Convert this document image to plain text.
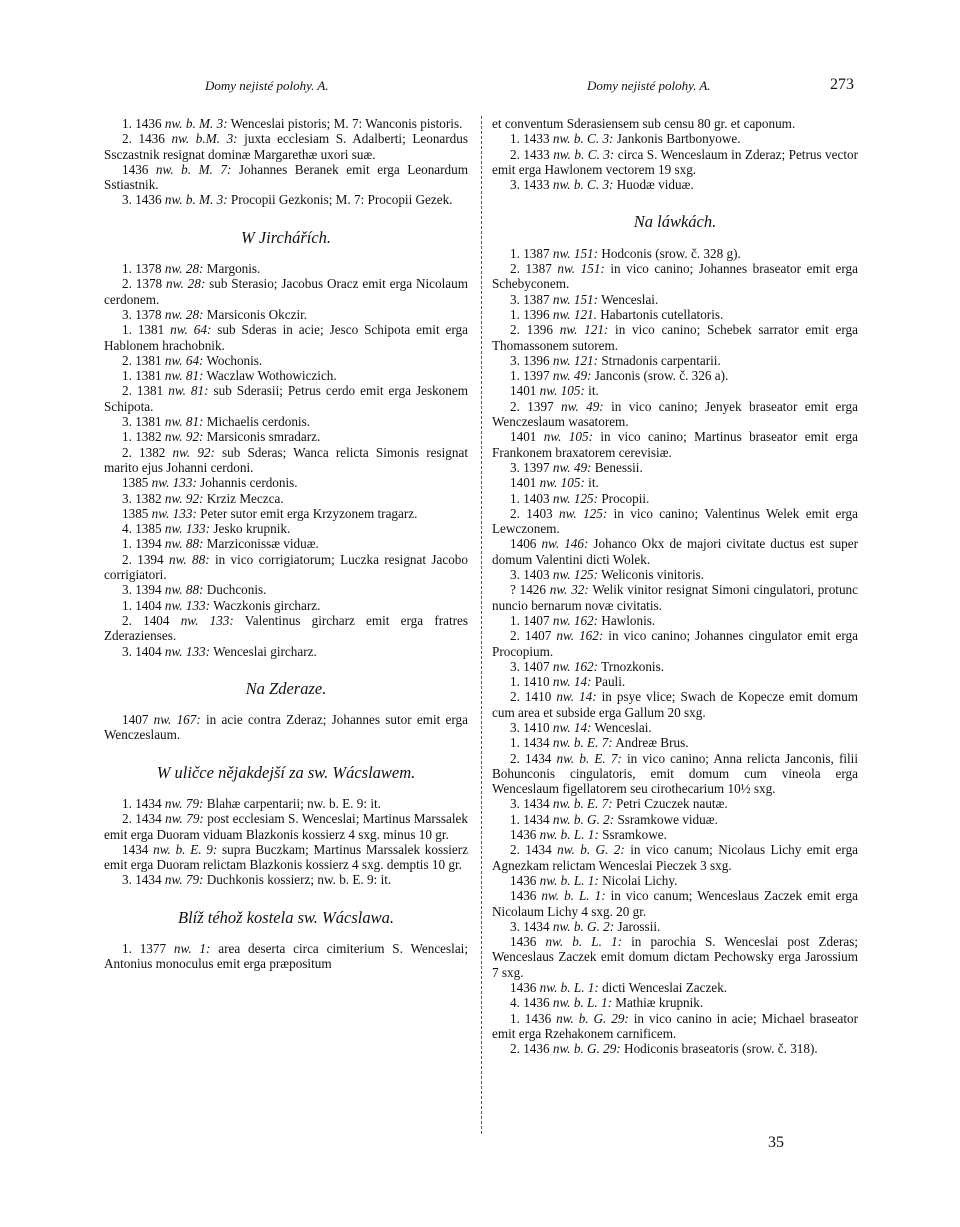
Domy nejisté polohy. A.	Domy nejisté polohy. A.	273
1. 1436 nw. b. M. 3: Wenceslai pistoris; M. 7: Wanconis pistoris.
2. 1436 nw. b.M. 3: juxta ecclesiam S. Adalberti; Leonardus Ssczastnik resignat dominæ Margarethæ uxori suæ.
1436 nw. b. M. 7: Johannes Beranek emit erga Leonardum Sstiastnik.
3. 1436 nw. b. M. 3: Procopii Gezkonis; M. 7: Procopii Gezek.
W Jirchářích.
1. 1378 nw. 28: Margonis.
2. 1378 nw. 28: sub Sterasio; Jacobus Oracz emit erga Nicolaum cerdonem.
3. 1378 nw. 28: Marsiconis Okczir.
1. 1381 nw. 64: sub Sderas in acie; Jesco Schipota emit erga Hablonem hrachobnik.
2. 1381 nw. 64: Wochonis.
1. 1381 nw. 81: Waczlaw Wothowiczich.
2. 1381 nw. 81: sub Sderasii; Petrus cerdo emit erga Jeskonem Schipota.
3. 1381 nw. 81: Michaelis cerdonis.
1. 1382 nw. 92: Marsiconis smradarz.
2. 1382 nw. 92: sub Sderas; Wanca relicta Simonis resignat marito ejus Johanni cerdoni.
1385 nw. 133: Johannis cerdonis.
3. 1382 nw. 92: Krziz Meczca.
1385 nw. 133: Peter sutor emit erga Krzyzonem tragarz.
4. 1385 nw. 133: Jesko krupnik.
1. 1394 nw. 88: Marziconissæ viduæ.
2. 1394 nw. 88: in vico corrigiatorum; Luczka resignat Jacobo corrigiatori.
3. 1394 nw. 88: Duchconis.
1. 1404 nw. 133: Waczkonis gircharz.
2. 1404 nw. 133: Valentinus gircharz emit erga fratres Zderazienses.
3. 1404 nw. 133: Wenceslai gircharz.
Na Zderaze.
1407 nw. 167: in acie contra Zderaz; Johannes sutor emit erga Wenczeslaum.
W uličce nějakdejší za sw. Wácslawem.
1. 1434 nw. 79: Blahæ carpentarii; nw. b. E. 9: it.
2. 1434 nw. 79: post ecclesiam S. Wenceslai; Martinus Marssalek emit erga Duoram viduam Blazkonis kossierz 4 sxg. minus 10 gr.
1434 nw. b. E. 9: supra Buczkam; Martinus Marssalek kossierz emit erga Duoram relictam Blazkonis kossierz 4 sxg. demptis 10 gr.
3. 1434 nw. 79: Duchkonis kossierz; nw. b. E. 9: it.
Blíž téhož kostela sw. Wácslawa.
1. 1377 nw. 1: area deserta circa cimiterium S. Wenceslai; Antonius monoculus emit erga præpositum
et conventum Sderasiensem sub censu 80 gr. et caponum.
1. 1433 nw. b. C. 3: Jankonis Bartbonyowe.
2. 1433 nw. b. C. 3: circa S. Wenceslaum in Zderaz; Petrus vector emit erga Hawlonem vectorem 19 sxg.
3. 1433 nw. b. C. 3: Huodæ viduæ.
Na láwkách.
1. 1387 nw. 151: Hodconis (srow. č. 328 g).
2. 1387 nw. 151: in vico canino; Johannes braseator emit erga Schebyconem.
3. 1387 nw. 151: Wenceslai.
1. 1396 nw. 121. Habartonis cutellatoris.
2. 1396 nw. 121: in vico canino; Schebek sarrator emit erga Thomassonem sutorem.
3. 1396 nw. 121: Strnadonis carpentarii.
1. 1397 nw. 49: Janconis (srow. č. 326 a).
1401 nw. 105: it.
2. 1397 nw. 49: in vico canino; Jenyek braseator emit erga Wenczeslaum wasatorem.
1401 nw. 105: in vico canino; Martinus braseator emit erga Frankonem braxatorem cerevisiæ.
3. 1397 nw. 49: Benessii.
1401 nw. 105: it.
1. 1403 nw. 125: Procopii.
2. 1403 nw. 125: in vico canino; Valentinus Welek emit erga Lewczonem.
1406 nw. 146: Johanco Okx de majori civitate ductus est super domum Valentini dicti Wolek.
3. 1403 nw. 125: Weliconis vinitoris.
? 1426 nw. 32: Welik vinitor resignat Simoni cingulatori, protunc nuncio bernarum novæ civitatis.
1. 1407 nw. 162: Hawlonis.
2. 1407 nw. 162: in vico canino; Johannes cingulator emit erga Procopium.
3. 1407 nw. 162: Trnozkonis.
1. 1410 nw. 14: Pauli.
2. 1410 nw. 14: in psye vlice; Swach de Kopecze emit domum cum area et subside erga Gallum 20 sxg.
3. 1410 nw. 14: Wenceslai.
1. 1434 nw. b. E. 7: Andreæ Brus.
2. 1434 nw. b. E. 7: in vico canino; Anna relicta Janconis, filii Bohunconis cingulatoris, emit domum cum vineola erga Wenceslaum figellatorem seu cirothecarium 10½ sxg.
3. 1434 nw. b. E. 7: Petri Czuczek nautæ.
1. 1434 nw. b. G. 2: Ssramkowe viduæ.
1436 nw. b. L. 1: Ssramkowe.
2. 1434 nw. b. G. 2: in vico canum; Nicolaus Lichy emit erga Agnezkam relictam Wenceslai Pieczek 3 sxg.
1436 nw. b. L. 1: Nicolai Lichy.
1436 nw. b. L. 1: in vico canum; Wenceslaus Zaczek emit erga Nicolaum Lichy 4 sxg. 20 gr.
3. 1434 nw. b. G. 2: Jarossii.
1436 nw. b. L. 1: in parochia S. Wenceslai post Zderas; Wenceslaus Zaczek emit domum dictam Pechowsky erga Jarossium 7 sxg.
1436 nw. b. L. 1: dicti Wenceslai Zaczek.
4. 1436 nw. b. L. 1: Mathiæ krupnik.
1. 1436 nw. b. G. 29: in vico canino in acie; Michael braseator emit erga Rzehakonem carnificem.
2. 1436 nw. b. G. 29: Hodiconis braseatoris (srow. č. 318).
35
